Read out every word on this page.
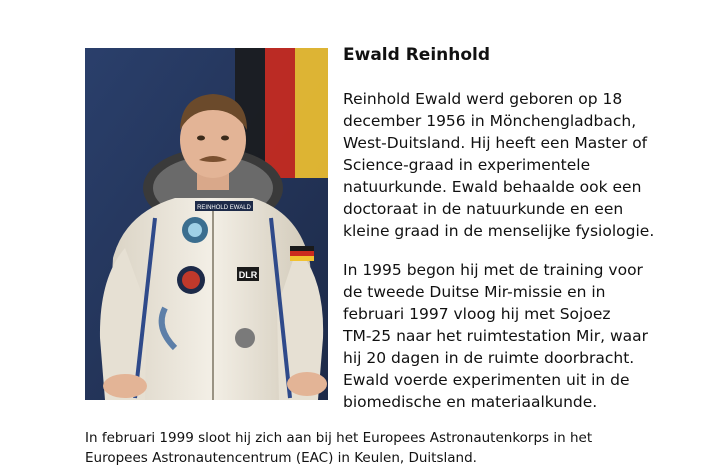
REINHOLD EWALD
DLR
Ewald Reinhold
Reinhold Ewald werd geboren op 18
december 1956 in Mönchengladbach,
West-Duitsland. Hij heeft een Master of
Science-graad in experimentele
natuurkunde. Ewald behaalde ook een
doctoraat in de natuurkunde en een
kleine graad in de menselijke fysiologie.
In 1995 begon hij met de training voor
de tweede Duitse Mir-missie en in
februari 1997 vloog hij met Sojoez
TM-25 naar het ruimtestation Mir, waar
hij 20 dagen in de ruimte doorbracht.
Ewald voerde experimenten uit in de
biomedische en materiaalkunde.
In februari 1999 sloot hij zich aan bij het Europees Astronautenkorps in het
Europees Astronautencentrum (EAC) in Keulen, Duitsland.
